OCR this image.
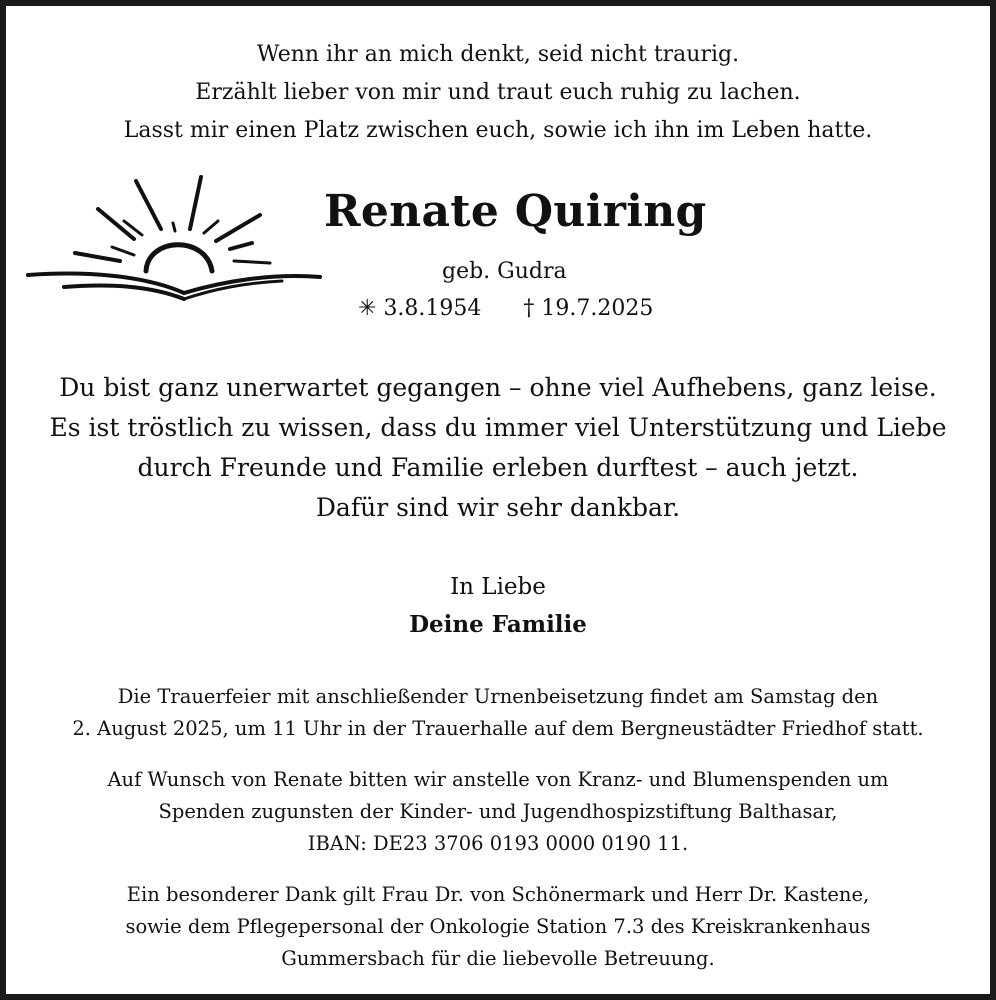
Wenn ihr an mich denkt, seid nicht traurig.
Erzählt lieber von mir und traut euch ruhig zu lachen.
Lasst mir einen Platz zwischen euch, sowie ich ihn im Leben hatte.
Renate Quiring
geb. Gudra
✳ 3.8.1954 † 19.7.2025
Du bist ganz unerwartet gegangen – ohne viel Aufhebens, ganz leise.
Es ist tröstlich zu wissen, dass du immer viel Unterstützung und Liebe
durch Freunde und Familie erleben durftest – auch jetzt.
Dafür sind wir sehr dankbar.
In Liebe
Deine Familie
Die Trauerfeier mit anschließender Urnenbeisetzung findet am Samstag den
2. August 2025, um 11 Uhr in der Trauerhalle auf dem Bergneustädter Friedhof statt.
Auf Wunsch von Renate bitten wir anstelle von Kranz- und Blumenspenden um
Spenden zugunsten der Kinder- und Jugendhospizstiftung Balthasar,
IBAN: DE23 3706 0193 0000 0190 11.
Ein besonderer Dank gilt Frau Dr. von Schönermark und Herr Dr. Kastene,
sowie dem Pflegepersonal der Onkologie Station 7.3 des Kreiskrankenhaus
Gummersbach für die liebevolle Betreuung.
